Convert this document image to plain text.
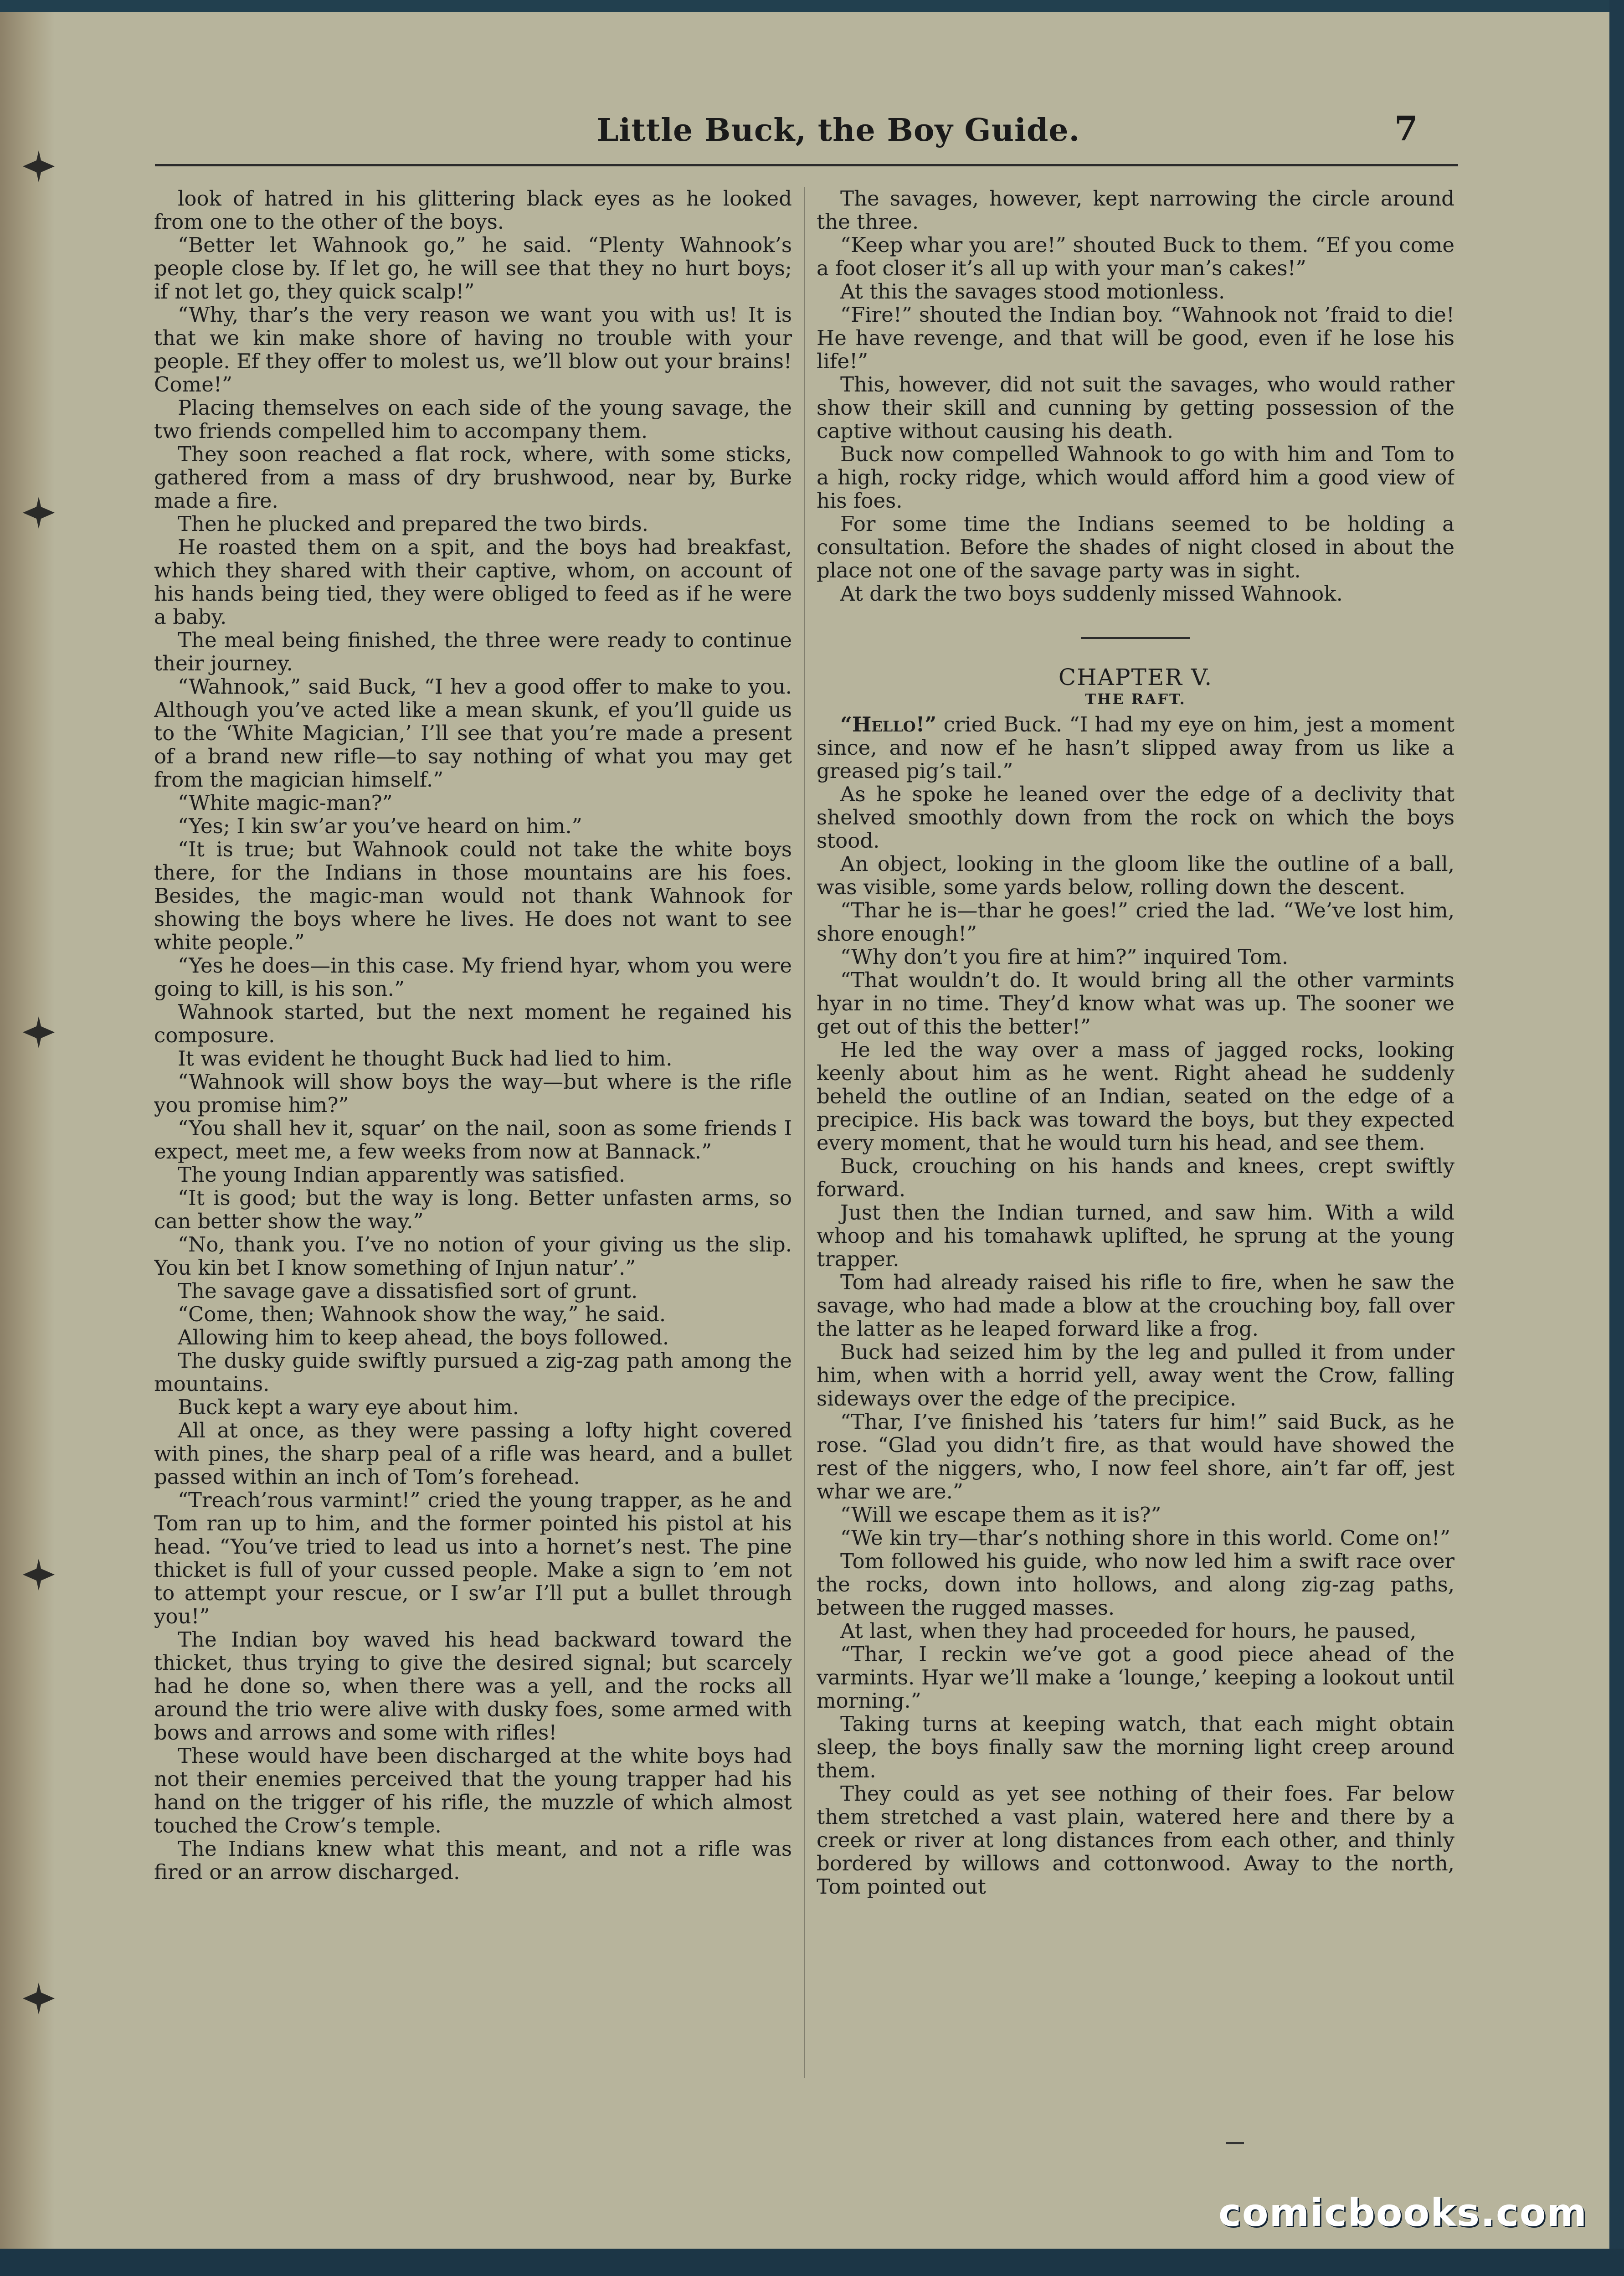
Little Buck, the Boy Guide.	7

look of hatred in his glittering black eyes as he looked from one to the other of the boys.

“Better let Wahnook go,” he said. “Plenty Wahnook’s people close by. If let go, he will see that they no hurt boys; if not let go, they quick scalp!”

“Why, thar’s the very reason we want you with us! It is that we kin make shore of having no trouble with your people. Ef they offer to molest us, we’ll blow out your brains! Come!”

Placing themselves on each side of the young savage, the two friends compelled him to accompany them.

They soon reached a flat rock, where, with some sticks, gathered from a mass of dry brushwood, near by, Burke made a fire.

Then he plucked and prepared the two birds.

He roasted them on a spit, and the boys had breakfast, which they shared with their captive, whom, on account of his hands being tied, they were obliged to feed as if he were a baby.

The meal being finished, the three were ready to continue their journey.

“Wahnook,” said Buck, “I hev a good offer to make to you. Although you’ve acted like a mean skunk, ef you’ll guide us to the ‘White Magician,’ I’ll see that you’re made a present of a brand new rifle—to say nothing of what you may get from the magician himself.”

“White magic-man?”

“Yes; I kin sw’ar you’ve heard on him.”

“It is true; but Wahnook could not take the white boys there, for the Indians in those mountains are his foes. Besides, the magic-man would not thank Wahnook for showing the boys where he lives. He does not want to see white people.”

“Yes he does—in this case. My friend hyar, whom you were going to kill, is his son.”

Wahnook started, but the next moment he regained his composure.

It was evident he thought Buck had lied to him.

“Wahnook will show boys the way—but where is the rifle you promise him?”

“You shall hev it, squar’ on the nail, soon as some friends I expect, meet me, a few weeks from now at Bannack.”

The young Indian apparently was satisfied.

“It is good; but the way is long. Better unfasten arms, so can better show the way.”

“No, thank you. I’ve no notion of your giving us the slip. You kin bet I know something of Injun natur’.”

The savage gave a dissatisfied sort of grunt.

“Come, then; Wahnook show the way,” he said.

Allowing him to keep ahead, the boys followed.

The dusky guide swiftly pursued a zig-zag path among the mountains.

Buck kept a wary eye about him.

All at once, as they were passing a lofty hight covered with pines, the sharp peal of a rifle was heard, and a bullet passed within an inch of Tom’s forehead.

“Treach’rous varmint!” cried the young trapper, as he and Tom ran up to him, and the former pointed his pistol at his head. “You’ve tried to lead us into a hornet’s nest. The pine thicket is full of your cussed people. Make a sign to ’em not to attempt your rescue, or I sw’ar I’ll put a bullet through you!”

The Indian boy waved his head backward toward the thicket, thus trying to give the desired signal; but scarcely had he done so, when there was a yell, and the rocks all around the trio were alive with dusky foes, some armed with bows and arrows and some with rifles!

These would have been discharged at the white boys had not their enemies perceived that the young trapper had his hand on the trigger of his rifle, the muzzle of which almost touched the Crow’s temple.

The Indians knew what this meant, and not a rifle was fired or an arrow discharged.

The savages, however, kept narrowing the circle around the three.

“Keep whar you are!” shouted Buck to them. “Ef you come a foot closer it’s all up with your man’s cakes!”

At this the savages stood motionless.

“Fire!” shouted the Indian boy. “Wahnook not ’fraid to die! He have revenge, and that will be good, even if he lose his life!”

This, however, did not suit the savages, who would rather show their skill and cunning by getting possession of the captive without causing his death.

Buck now compelled Wahnook to go with him and Tom to a high, rocky ridge, which would afford him a good view of his foes.

For some time the Indians seemed to be holding a consultation. Before the shades of night closed in about the place not one of the savage party was in sight.

At dark the two boys suddenly missed Wahnook.

CHAPTER V.
THE RAFT.

“Hello!” cried Buck. “I had my eye on him, jest a moment since, and now ef he hasn’t slipped away from us like a greased pig’s tail.”

As he spoke he leaned over the edge of a declivity that shelved smoothly down from the rock on which the boys stood.

An object, looking in the gloom like the outline of a ball, was visible, some yards below, rolling down the descent.

“Thar he is—thar he goes!” cried the lad. “We’ve lost him, shore enough!”

“Why don’t you fire at him?” inquired Tom.

“That wouldn’t do. It would bring all the other varmints hyar in no time. They’d know what was up. The sooner we get out of this the better!”

He led the way over a mass of jagged rocks, looking keenly about him as he went. Right ahead he suddenly beheld the outline of an Indian, seated on the edge of a precipice. His back was toward the boys, but they expected every moment, that he would turn his head, and see them.

Buck, crouching on his hands and knees, crept swiftly forward.

Just then the Indian turned, and saw him. With a wild whoop and his tomahawk uplifted, he sprung at the young trapper.

Tom had already raised his rifle to fire, when he saw the savage, who had made a blow at the crouching boy, fall over the latter as he leaped forward like a frog.

Buck had seized him by the leg and pulled it from under him, when with a horrid yell, away went the Crow, falling sideways over the edge of the precipice.

“Thar, I’ve finished his ’taters fur him!” said Buck, as he rose. “Glad you didn’t fire, as that would have showed the rest of the niggers, who, I now feel shore, ain’t far off, jest whar we are.”

“Will we escape them as it is?”

“We kin try—thar’s nothing shore in this world. Come on!”

Tom followed his guide, who now led him a swift race over the rocks, down into hollows, and along zig-zag paths, between the rugged masses.

At last, when they had proceeded for hours, he paused,

“Thar, I reckin we’ve got a good piece ahead of the varmints. Hyar we’ll make a ‘lounge,’ keeping a lookout until morning.”

Taking turns at keeping watch, that each might obtain sleep, the boys finally saw the morning light creep around them.

They could as yet see nothing of their foes. Far below them stretched a vast plain, watered here and there by a creek or river at long distances from each other, and thinly bordered by willows and cottonwood. Away to the north, Tom pointed out

comicbooks.com
